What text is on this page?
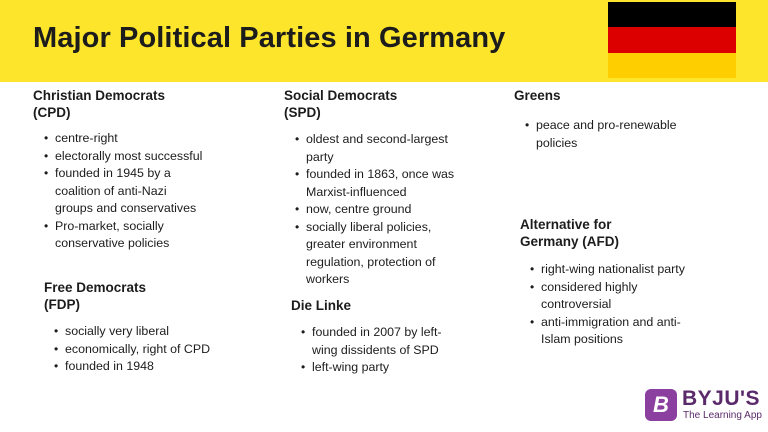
Major Political Parties in Germany
Christian Democrats
(CPD)
• centre-right
• electorally most successful
• founded in 1945 by a
coalition of anti-Nazi
groups and conservatives
• Pro-market, socially
conservative policies
Free Democrats
(FDP)
• socially very liberal
• economically, right of CPD
• founded in 1948
Social Democrats
(SPD)
• oldest and second-largest
party
• founded in 1863, once was
Marxist-influenced
• now, centre ground
• socially liberal policies,
greater environment
regulation, protection of
workers
Die Linke
• founded in 2007 by left-
wing dissidents of SPD
• left-wing party
Greens
• peace and pro-renewable
policies
Alternative for
Germany (AFD)
• right-wing nationalist party
• considered highly
controversial
• anti-immigration and anti-
Islam positions
B BYJU'S
The Learning App
